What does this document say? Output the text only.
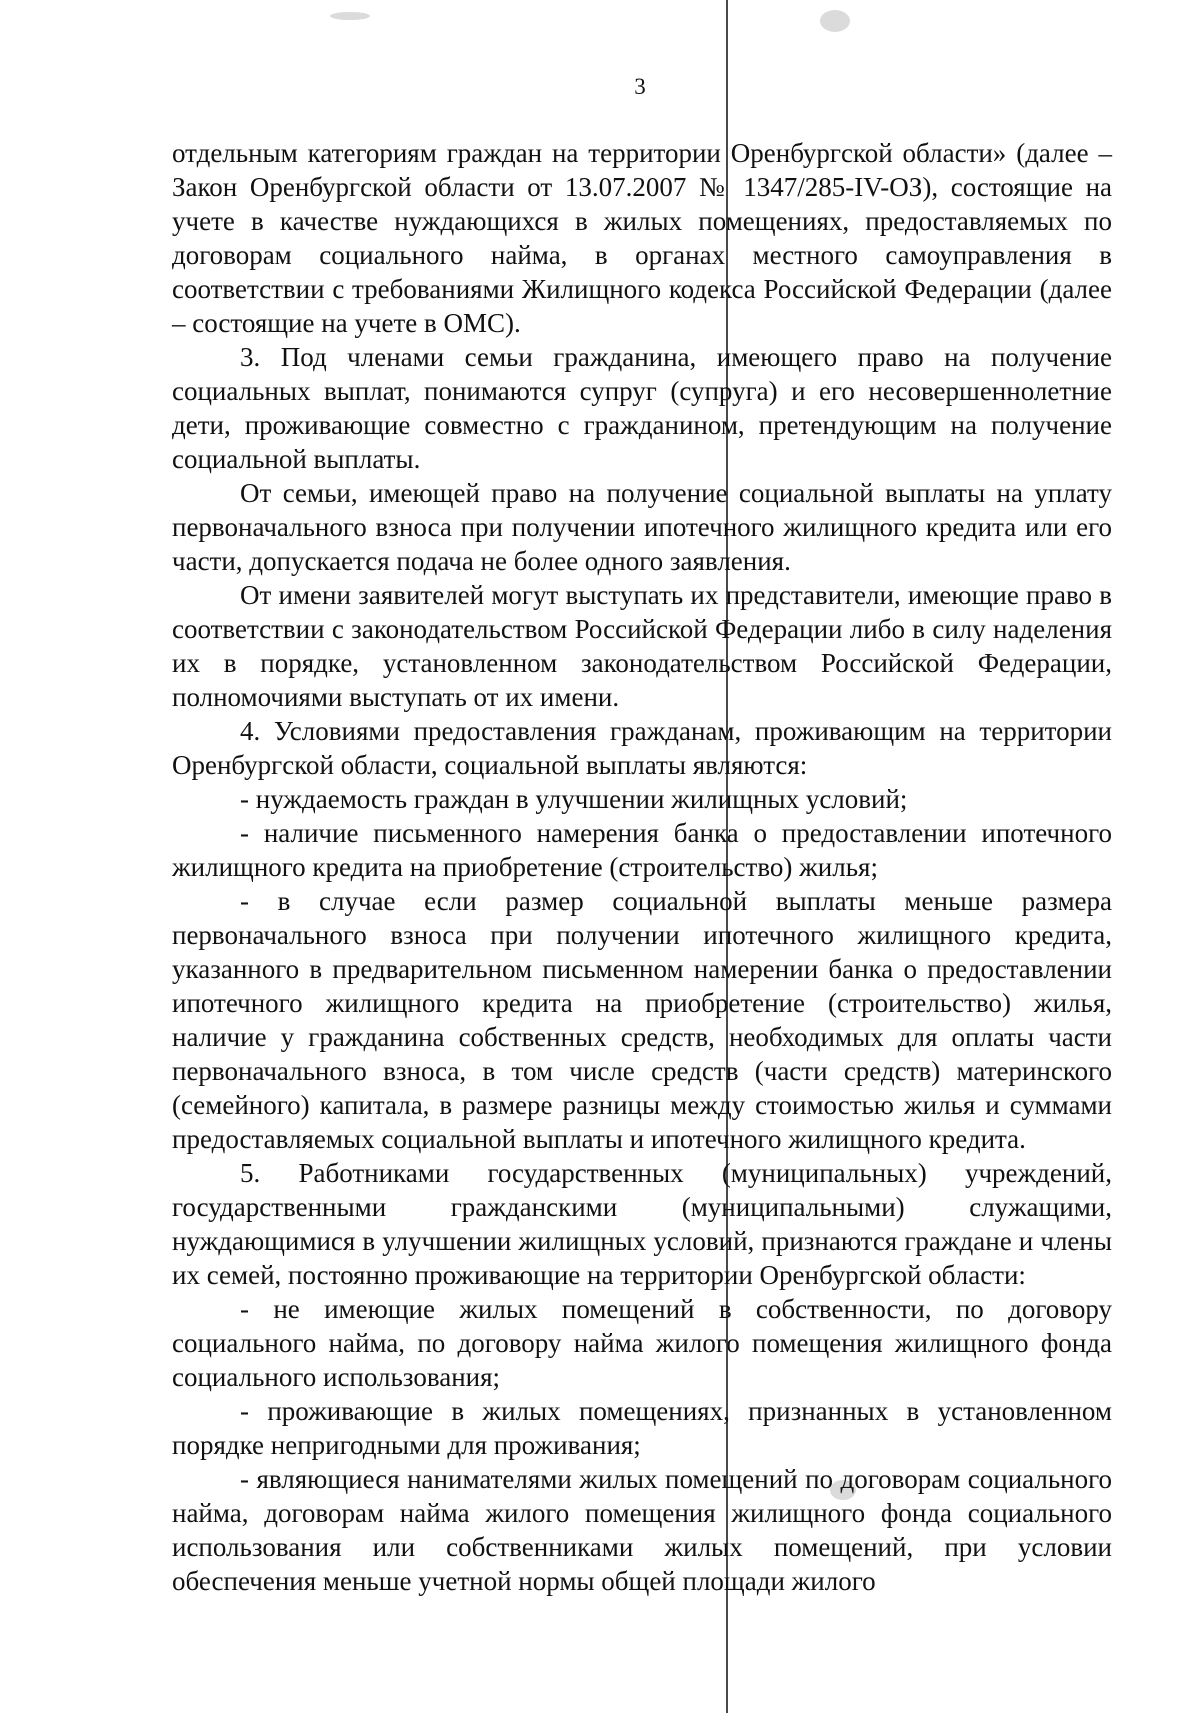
3

отдельным категориям граждан на территории Оренбургской области» (далее – Закон Оренбургской области от 13.07.2007 № 1347/285-IV-ОЗ), состоящие на учете в качестве нуждающихся в жилых помещениях, предоставляемых по договорам социального найма, в органах местного самоуправления в соответствии с требованиями Жилищного кодекса Российской Федерации (далее – состоящие на учете в ОМС).

3. Под членами семьи гражданина, имеющего право на получение социальных выплат, понимаются супруг (супруга) и его несовершеннолетние дети, проживающие совместно с гражданином, претендующим на получение социальной выплаты.

От семьи, имеющей право на получение социальной выплаты на уплату первоначального взноса при получении ипотечного жилищного кредита или его части, допускается подача не более одного заявления.

От имени заявителей могут выступать их представители, имеющие право в соответствии с законодательством Российской Федерации либо в силу наделения их в порядке, установленном законодательством Российской Федерации, полномочиями выступать от их имени.

4. Условиями предоставления гражданам, проживающим на территории Оренбургской области, социальной выплаты являются:

- нуждаемость граждан в улучшении жилищных условий;

- наличие письменного намерения банка о предоставлении ипотечного жилищного кредита на приобретение (строительство) жилья;

- в случае если размер социальной выплаты меньше размера первоначального взноса при получении ипотечного жилищного кредита, указанного в предварительном письменном намерении банка о предоставлении ипотечного жилищного кредита на приобретение (строительство) жилья, наличие у гражданина собственных средств, необходимых для оплаты части первоначального взноса, в том числе средств (части средств) материнского (семейного) капитала, в размере разницы между стоимостью жилья и суммами предоставляемых социальной выплаты и ипотечного жилищного кредита.

5. Работниками государственных (муниципальных) учреждений, государственными гражданскими (муниципальными) служащими, нуждающимися в улучшении жилищных условий, признаются граждане и члены их семей, постоянно проживающие на территории Оренбургской области:

- не имеющие жилых помещений в собственности, по договору социального найма, по договору найма жилого помещения жилищного фонда социального использования;

- проживающие в жилых помещениях, признанных в установленном порядке непригодными для проживания;

- являющиеся нанимателями жилых помещений по договорам социального найма, договорам найма жилого помещения жилищного фонда социального использования или собственниками жилых помещений, при условии обеспечения меньше учетной нормы общей площади жилого
